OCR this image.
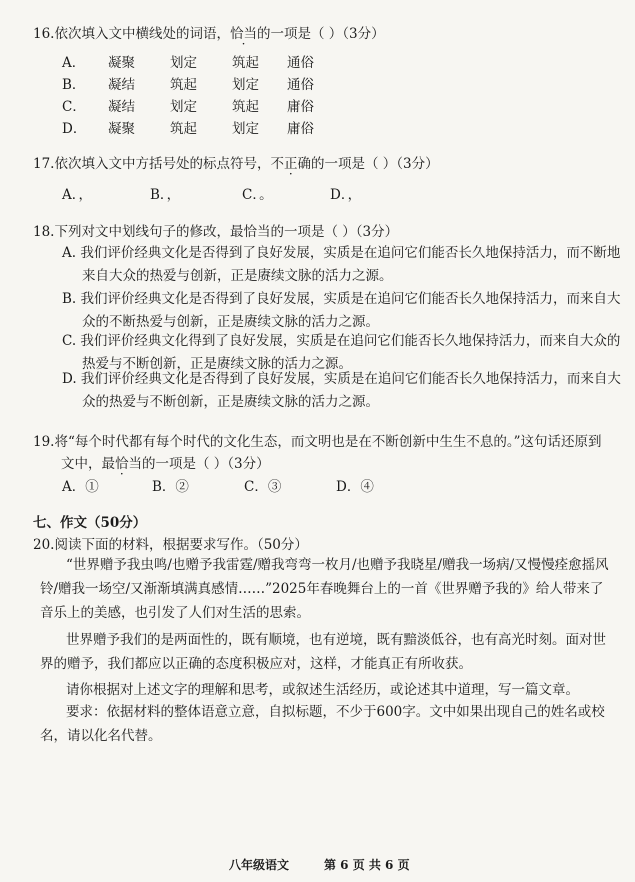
16.依次填入文中横线处的词语，恰当的一项是（ ）（3分）
A． 凝聚	划定	筑起 通俗
B． 凝结	筑起	划定 通俗
C． 凝结	划定	筑起 庸俗
D． 凝聚	筑起	划定 庸俗
17.依次填入文中方括号处的标点符号，不正确的一项是（ ）（3分）
A．，	B．，	C．。	D．，
18.下列对文中划线句子的修改，最恰当的一项是（ ）（3分）
A. 我们评价经典文化是否得到了良好发展，实质是在追问它们能否长久地保持活力，而不断地来自大众的热爱与创新，正是赓续文脉的活力之源。
B. 我们评价经典文化是否得到了良好发展，实质是在追问它们能否长久地保持活力，而来自大众的不断热爱与创新，正是赓续文脉的活力之源。
C. 我们评价经典文化得到了良好发展，实质是在追问它们能否长久地保持活力，而来自大众的热爱与不断创新，正是赓续文脉的活力之源。
D. 我们评价经典文化是否得到了良好发展，实质是在追问它们能否长久地保持活力，而来自大众的热爱与不断创新，正是赓续文脉的活力之源。
19.将“每个时代都有每个时代的文化生态，而文明也是在不断创新中生生不息的。”这句话还原到
文中，最恰当的一项是（ ）（3分）
A．①	B．②	C．③	D．④
七、作文（50分）
20.阅读下面的材料，根据要求写作。（50分）
“世界赠予我虫鸣/也赠予我雷霆/赠我弯弯一枚月/也赠予我晓星/赠我一场病/又慢慢痊愈摇风铃/赠我一场空/又渐渐填满真感情……”2025年春晚舞台上的一首《世界赠予我的》给人带来了音乐上的美感，也引发了人们对生活的思索。
世界赠予我们的是两面性的，既有顺境，也有逆境，既有黯淡低谷，也有高光时刻。面对世界的赠予，我们都应以正确的态度积极应对，这样，才能真正有所收获。
请你根据对上述文字的理解和思考，或叙述生活经历，或论述其中道理，写一篇文章。
要求：依据材料的整体语意立意，自拟标题，不少于600字。文中如果出现自己的姓名或校名，请以化名代替。
八年级语文	第 6 页 共 6 页
